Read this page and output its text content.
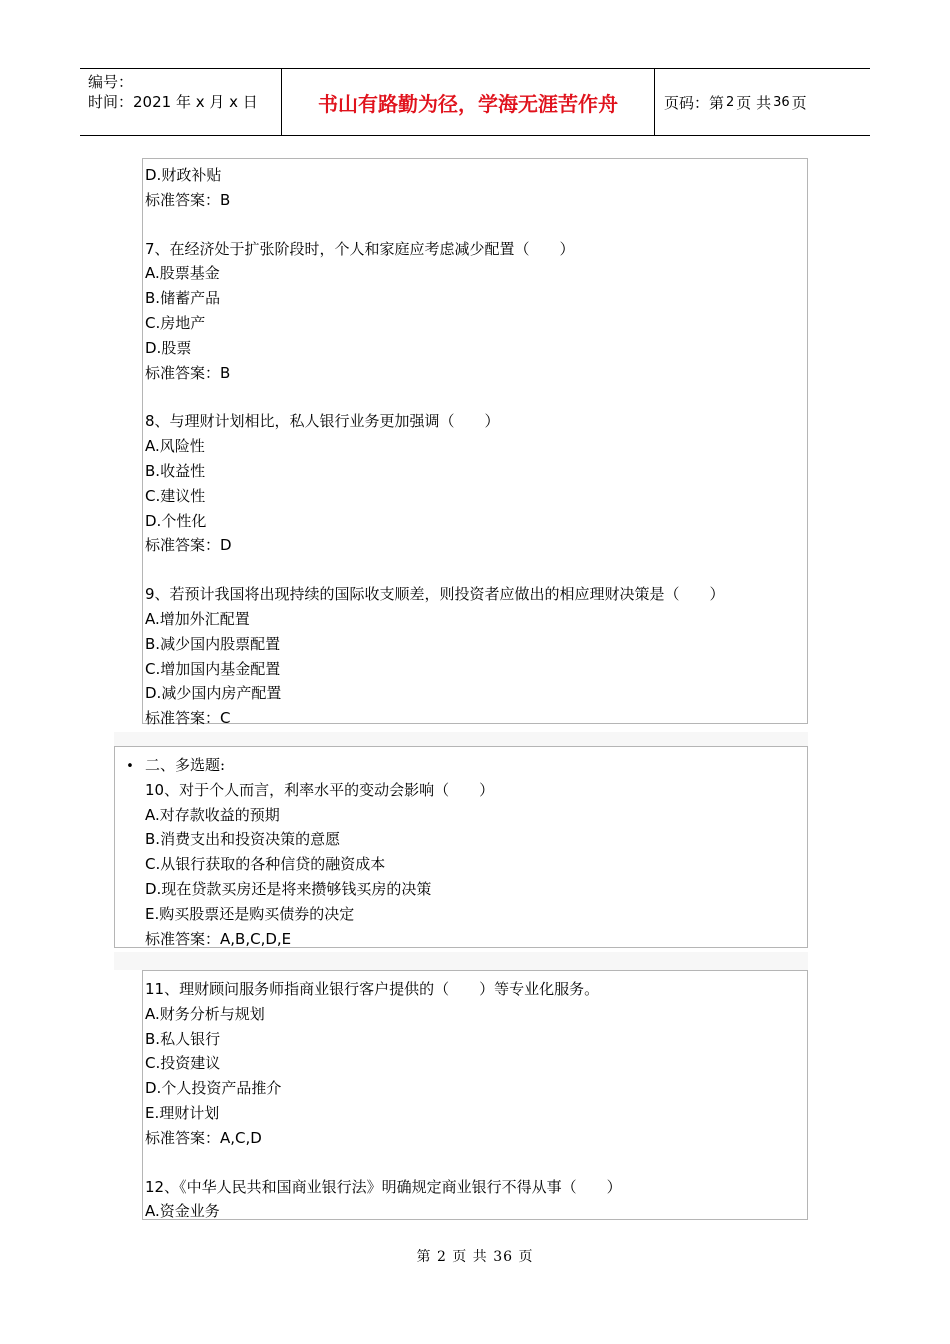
编号：
时间：2021 年 x 月 x 日	书山有路勤为径，学海无涯苦作舟	页码：第 2 页 共 36 页
D.财政补贴
标准答案：B
7、在经济处于扩张阶段时，个人和家庭应考虑减少配置（　　）
A.股票基金
B.储蓄产品
C.房地产
D.股票
标准答案：B
8、与理财计划相比，私人银行业务更加强调（　　）
A.风险性
B.收益性
C.建议性
D.个性化
标准答案：D
9、若预计我国将出现持续的国际收支顺差，则投资者应做出的相应理财决策是（　　）
A.增加外汇配置
B.减少国内股票配置
C.增加国内基金配置
D.减少国内房产配置
标准答案：C
• 二、多选题:
10、对于个人而言，利率水平的变动会影响（　　）
A.对存款收益的预期
B.消费支出和投资决策的意愿
C.从银行获取的各种信贷的融资成本
D.现在贷款买房还是将来攒够钱买房的决策
E.购买股票还是购买债券的决定
标准答案：A,B,C,D,E
11、理财顾问服务师指商业银行客户提供的（　　）等专业化服务。
A.财务分析与规划
B.私人银行
C.投资建议
D.个人投资产品推介
E.理财计划
标准答案：A,C,D
12、《中华人民共和国商业银行法》明确规定商业银行不得从事（　　）
A.资金业务
第 2 页 共 36 页
